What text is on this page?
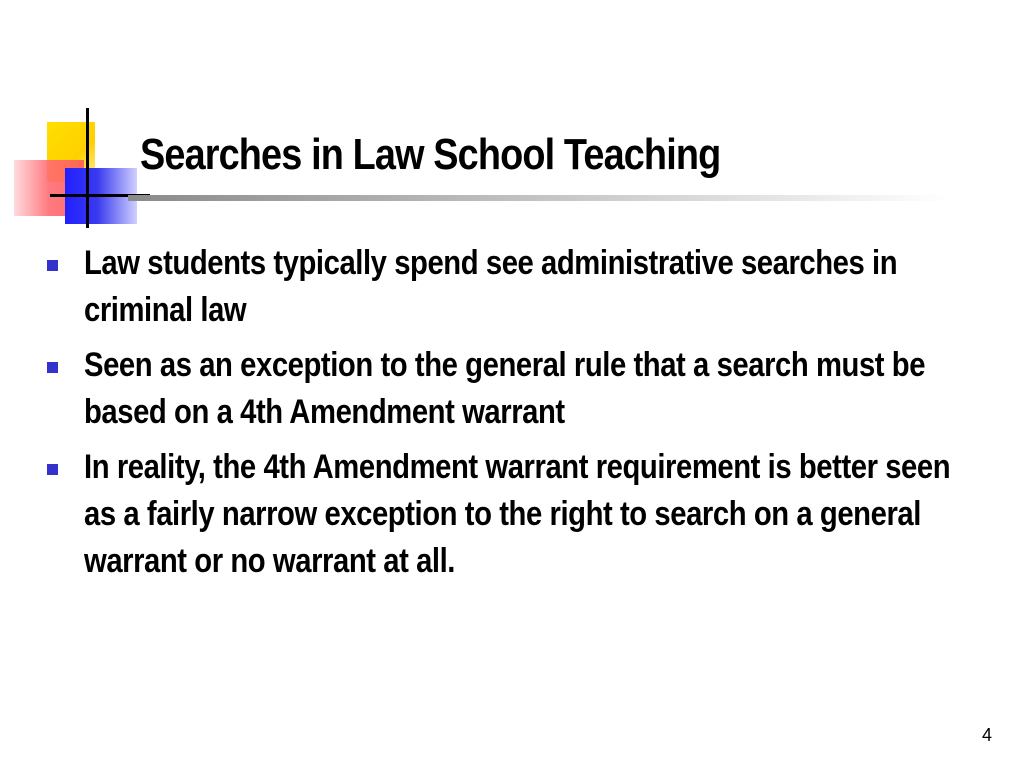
Searches in Law School Teaching
Law students typically spend see administrative searches in criminal law
Seen as an exception to the general rule that a search must be based on a 4th Amendment warrant
In reality, the 4th Amendment warrant requirement is better seen as a fairly narrow exception to the right to search on a general warrant or no warrant at all.
4
